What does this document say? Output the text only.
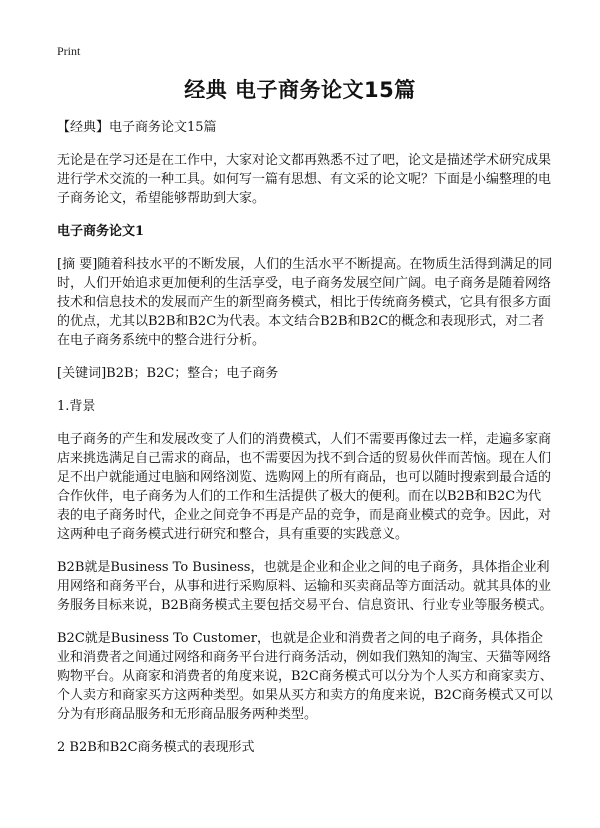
Print
经典 电子商务论文15篇

【经典】电子商务论文15篇

无论是在学习还是在工作中，大家对论文都再熟悉不过了吧，论文是描述学术研究成果进行学术交流的一种工具。如何写一篇有思想、有文采的论文呢？下面是小编整理的电子商务论文，希望能够帮助到大家。

电子商务论文1

[摘 要]随着科技水平的不断发展，人们的生活水平不断提高。在物质生活得到满足的同时，人们开始追求更加便利的生活享受，电子商务发展空间广阔。电子商务是随着网络技术和信息技术的发展而产生的新型商务模式，相比于传统商务模式，它具有很多方面的优点，尤其以B2B和B2C为代表。本文结合B2B和B2C的概念和表现形式，对二者在电子商务系统中的整合进行分析。

[关键词]B2B；B2C；整合；电子商务

1.背景

电子商务的产生和发展改变了人们的消费模式，人们不需要再像过去一样，走遍多家商店来挑选满足自己需求的商品，也不需要因为找不到合适的贸易伙伴而苦恼。现在人们足不出户就能通过电脑和网络浏览、选购网上的所有商品，也可以随时搜索到最合适的合作伙伴，电子商务为人们的工作和生活提供了极大的便利。而在以B2B和B2C为代表的电子商务时代，企业之间竞争不再是产品的竞争，而是商业模式的竞争。因此，对这两种电子商务模式进行研究和整合，具有重要的实践意义。

B2B就是Business To Business，也就是企业和企业之间的电子商务，具体指企业利用网络和商务平台，从事和进行采购原料、运输和买卖商品等方面活动。就其具体的业务服务目标来说，B2B商务模式主要包括交易平台、信息资讯、行业专业等服务模式。

B2C就是Business To Customer，也就是企业和消费者之间的电子商务，具体指企业和消费者之间通过网络和商务平台进行商务活动，例如我们熟知的淘宝、天猫等网络购物平台。从商家和消费者的角度来说，B2C商务模式可以分为个人买方和商家卖方、个人卖方和商家买方这两种类型。如果从买方和卖方的角度来说，B2C商务模式又可以分为有形商品服务和无形商品服务两种类型。

2 B2B和B2C商务模式的表现形式
